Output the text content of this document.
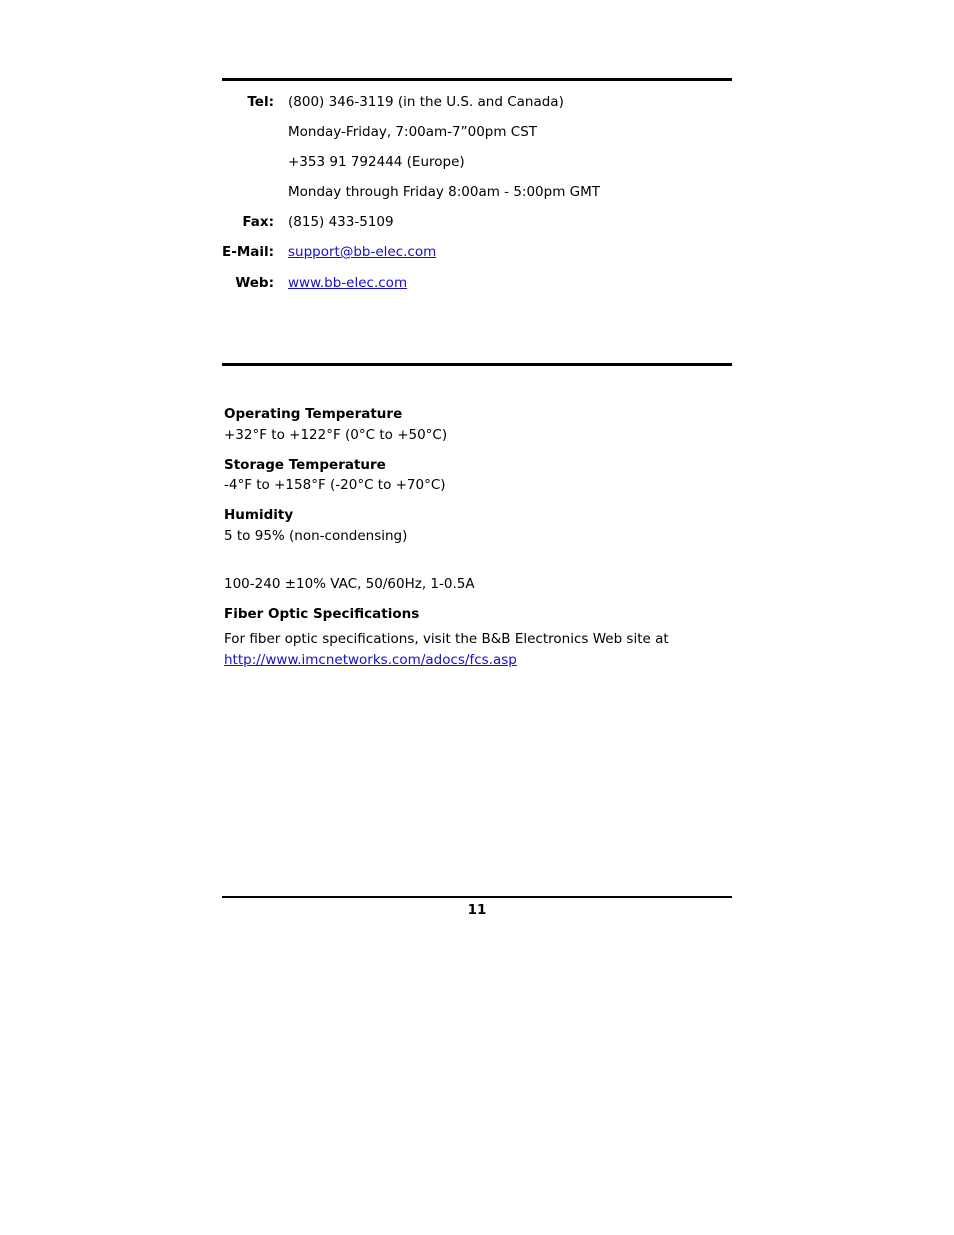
Tel: (800) 346-3119 (in the U.S. and Canada)
Monday-Friday, 7:00am-7”00pm CST
+353 91 792444 (Europe)
Monday through Friday 8:00am - 5:00pm GMT
Fax: (815) 433-5109
E-Mail: support@bb-elec.com
Web: www.bb-elec.com
Operating Temperature
+32°F to +122°F (0°C to +50°C)
Storage Temperature
-4°F to +158°F (-20°C to +70°C)
Humidity
5 to 95% (non-condensing)
100-240 ±10% VAC, 50/60Hz, 1-0.5A
Fiber Optic Specifications
For fiber optic specifications, visit the B&B Electronics Web site at
http://www.imcnetworks.com/adocs/fcs.asp
11
